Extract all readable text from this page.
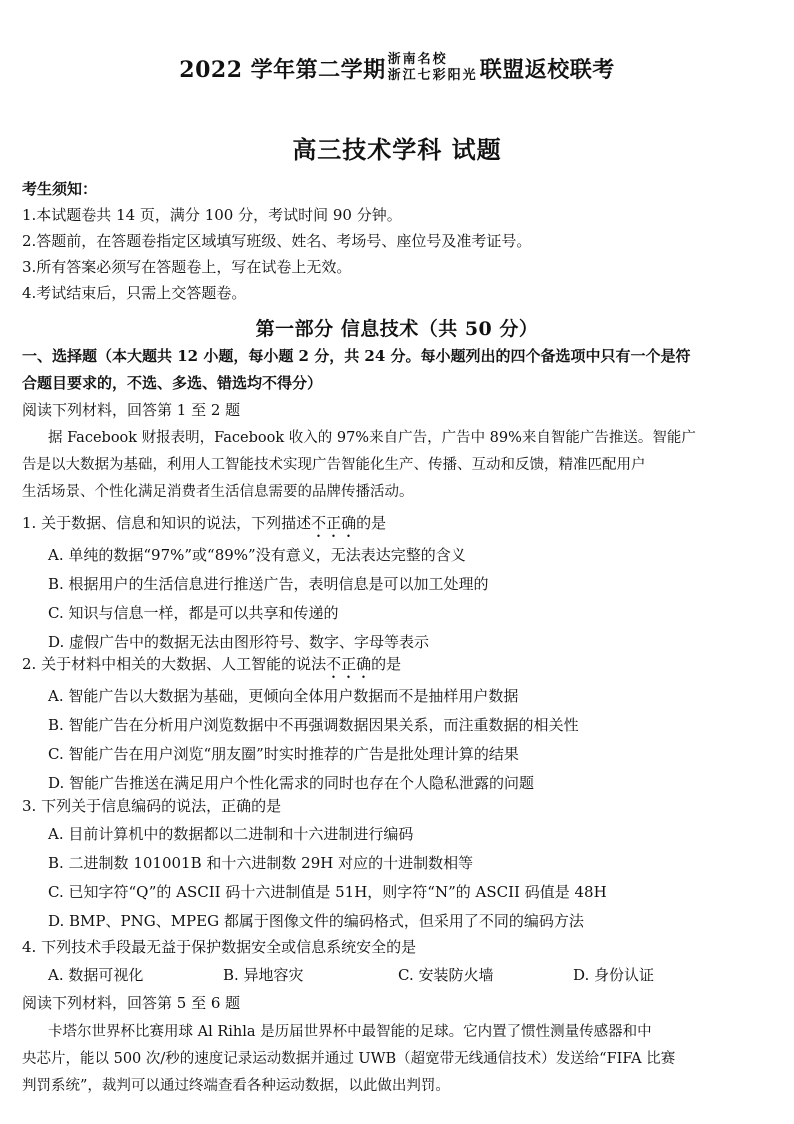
2022 学年第二学期 浙南名校
浙江七彩阳光 联盟返校联考
高三技术学科 试题
考生须知：
1.本试题卷共 14 页，满分 100 分，考试时间 90 分钟。
2.答题前，在答题卷指定区域填写班级、姓名、考场号、座位号及准考证号。
3.所有答案必须写在答题卷上，写在试卷上无效。
4.考试结束后，只需上交答题卷。
第一部分 信息技术（共 50 分）
一、选择题（本大题共 12 小题，每小题 2 分，共 24 分。每小题列出的四个备选项中只有一个是符
合题目要求的，不选、多选、错选均不得分）
阅读下列材料，回答第 1 至 2 题
据 Facebook 财报表明，Facebook 收入的 97%来自广告，广告中 89%来自智能广告推送。智能广
告是以大数据为基础，利用人工智能技术实现广告智能化生产、传播、互动和反馈，精准匹配用户
生活场景、个性化满足消费者生活信息需要的品牌传播活动。
1. 关于数据、信息和知识的说法，下列描述不正确的是
A. 单纯的数据“97%”或“89%”没有意义，无法表达完整的含义
B. 根据用户的生活信息进行推送广告，表明信息是可以加工处理的
C. 知识与信息一样，都是可以共享和传递的
D. 虚假广告中的数据无法由图形符号、数字、字母等表示
2. 关于材料中相关的大数据、人工智能的说法不正确的是
A. 智能广告以大数据为基础，更倾向全体用户数据而不是抽样用户数据
B. 智能广告在分析用户浏览数据中不再强调数据因果关系，而注重数据的相关性
C. 智能广告在用户浏览“朋友圈”时实时推荐的广告是批处理计算的结果
D. 智能广告推送在满足用户个性化需求的同时也存在个人隐私泄露的问题
3. 下列关于信息编码的说法，正确的是
A. 目前计算机中的数据都以二进制和十六进制进行编码
B. 二进制数 101001B 和十六进制数 29H 对应的十进制数相等
C. 已知字符“Q”的 ASCII 码十六进制值是 51H，则字符“N”的 ASCII 码值是 48H
D. BMP、PNG、MPEG 都属于图像文件的编码格式，但采用了不同的编码方法
4. 下列技术手段最无益于保护数据安全或信息系统安全的是
A. 数据可视化	B. 异地容灾	C. 安装防火墙	D. 身份认证
阅读下列材料，回答第 5 至 6 题
卡塔尔世界杯比赛用球 Al Rihla 是历届世界杯中最智能的足球。它内置了惯性测量传感器和中
央芯片，能以 500 次/秒的速度记录运动数据并通过 UWB（超宽带无线通信技术）发送给“FIFA 比赛
判罚系统”，裁判可以通过终端查看各种运动数据，以此做出判罚。
